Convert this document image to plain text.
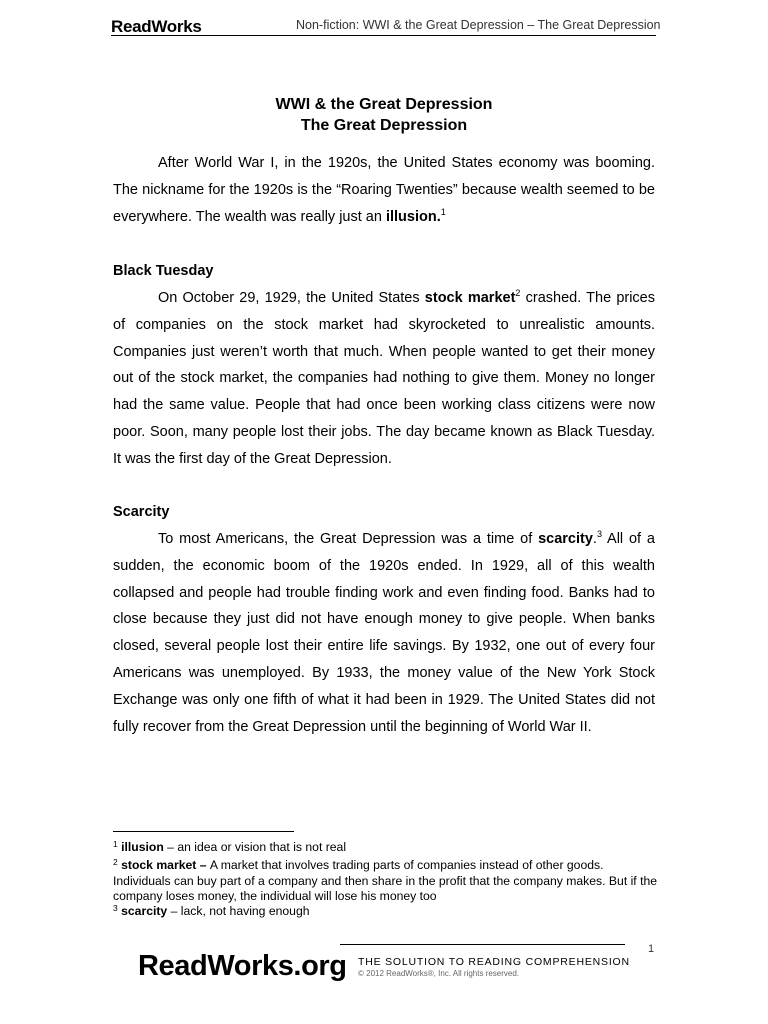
ReadWorks	Non-fiction: WWI & the Great Depression – The Great Depression
WWI & the Great Depression
The Great Depression

After World War I, in the 1920s, the United States economy was booming. The nickname for the 1920s is the “Roaring Twenties” because wealth seemed to be everywhere. The wealth was really just an illusion.$^1$

Black Tuesday

On October 29, 1929, the United States stock market$^2$ crashed. The prices of companies on the stock market had skyrocketed to unrealistic amounts. Companies just weren’t worth that much. When people wanted to get their money out of the stock market, the companies had nothing to give them. Money no longer had the same value. People that had once been working class citizens were now poor. Soon, many people lost their jobs. The day became known as Black Tuesday. It was the first day of the Great Depression.

Scarcity

To most Americans, the Great Depression was a time of scarcity.$^3$ All of a sudden, the economic boom of the 1920s ended. In 1929, all of this wealth collapsed and people had trouble finding work and even finding food. Banks had to close because they just did not have enough money to give people. When banks closed, several people lost their entire life savings. By 1932, one out of every four Americans was unemployed. By 1933, the money value of the New York Stock Exchange was only one fifth of what it had been in 1929. The United States did not fully recover from the Great Depression until the beginning of World War II.

$^1$ illusion – an idea or vision that is not real
$^2$ stock market – A market that involves trading parts of companies instead of other goods. Individuals can buy part of a company and then share in the profit that the company makes. But if the company loses money, the individual will lose his money too
$^3$ scarcity – lack, not having enough
1
ReadWorks.org THE SOLUTION TO READING COMPREHENSION
© 2012 ReadWorks®, Inc. All rights reserved.
